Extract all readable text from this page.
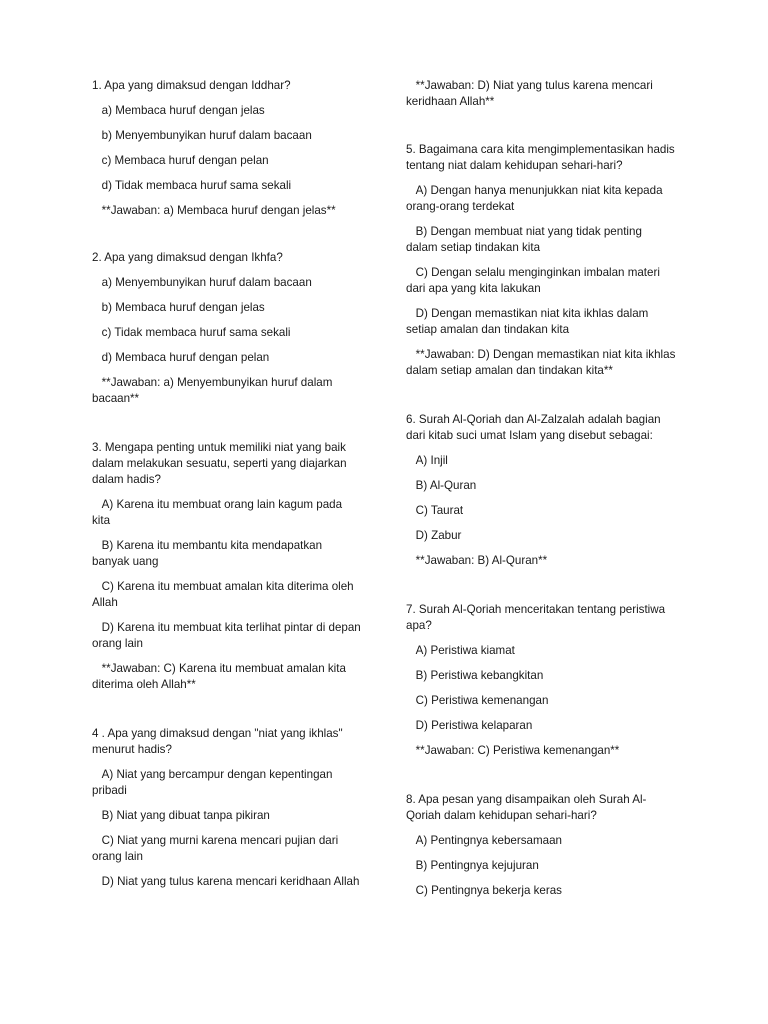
1. Apa yang dimaksud dengan Iddhar?

a) Membaca huruf dengan jelas

b) Menyembunyikan huruf dalam bacaan

c) Membaca huruf dengan pelan

d) Tidak membaca huruf sama sekali

**Jawaban: a) Membaca huruf dengan jelas**

2. Apa yang dimaksud dengan Ikhfa?

a) Menyembunyikan huruf dalam bacaan

b) Membaca huruf dengan jelas

c) Tidak membaca huruf sama sekali

d) Membaca huruf dengan pelan

**Jawaban: a) Menyembunyikan huruf dalam bacaan**

3. Mengapa penting untuk memiliki niat yang baik dalam melakukan sesuatu, seperti yang diajarkan dalam hadis?

A) Karena itu membuat orang lain kagum pada kita

B) Karena itu membantu kita mendapatkan banyak uang

C) Karena itu membuat amalan kita diterima oleh Allah

D) Karena itu membuat kita terlihat pintar di depan orang lain

**Jawaban: C) Karena itu membuat amalan kita diterima oleh Allah**

4 . Apa yang dimaksud dengan "niat yang ikhlas" menurut hadis?

A) Niat yang bercampur dengan kepentingan pribadi

B) Niat yang dibuat tanpa pikiran

C) Niat yang murni karena mencari pujian dari orang lain

D) Niat yang tulus karena mencari keridhaan Allah

**Jawaban: D) Niat yang tulus karena mencari keridhaan Allah**

5. Bagaimana cara kita mengimplementasikan hadis tentang niat dalam kehidupan sehari-hari?

A) Dengan hanya menunjukkan niat kita kepada orang-orang terdekat

B) Dengan membuat niat yang tidak penting dalam setiap tindakan kita

C) Dengan selalu menginginkan imbalan materi dari apa yang kita lakukan

D) Dengan memastikan niat kita ikhlas dalam setiap amalan dan tindakan kita

**Jawaban: D) Dengan memastikan niat kita ikhlas dalam setiap amalan dan tindakan kita**

6. Surah Al-Qoriah dan Al-Zalzalah adalah bagian dari kitab suci umat Islam yang disebut sebagai:

A) Injil

B) Al-Quran

C) Taurat

D) Zabur

**Jawaban: B) Al-Quran**

7. Surah Al-Qoriah menceritakan tentang peristiwa apa?

A) Peristiwa kiamat

B) Peristiwa kebangkitan

C) Peristiwa kemenangan

D) Peristiwa kelaparan

**Jawaban: C) Peristiwa kemenangan**

8. Apa pesan yang disampaikan oleh Surah Al-Qoriah dalam kehidupan sehari-hari?

A) Pentingnya kebersamaan

B) Pentingnya kejujuran

C) Pentingnya bekerja keras
